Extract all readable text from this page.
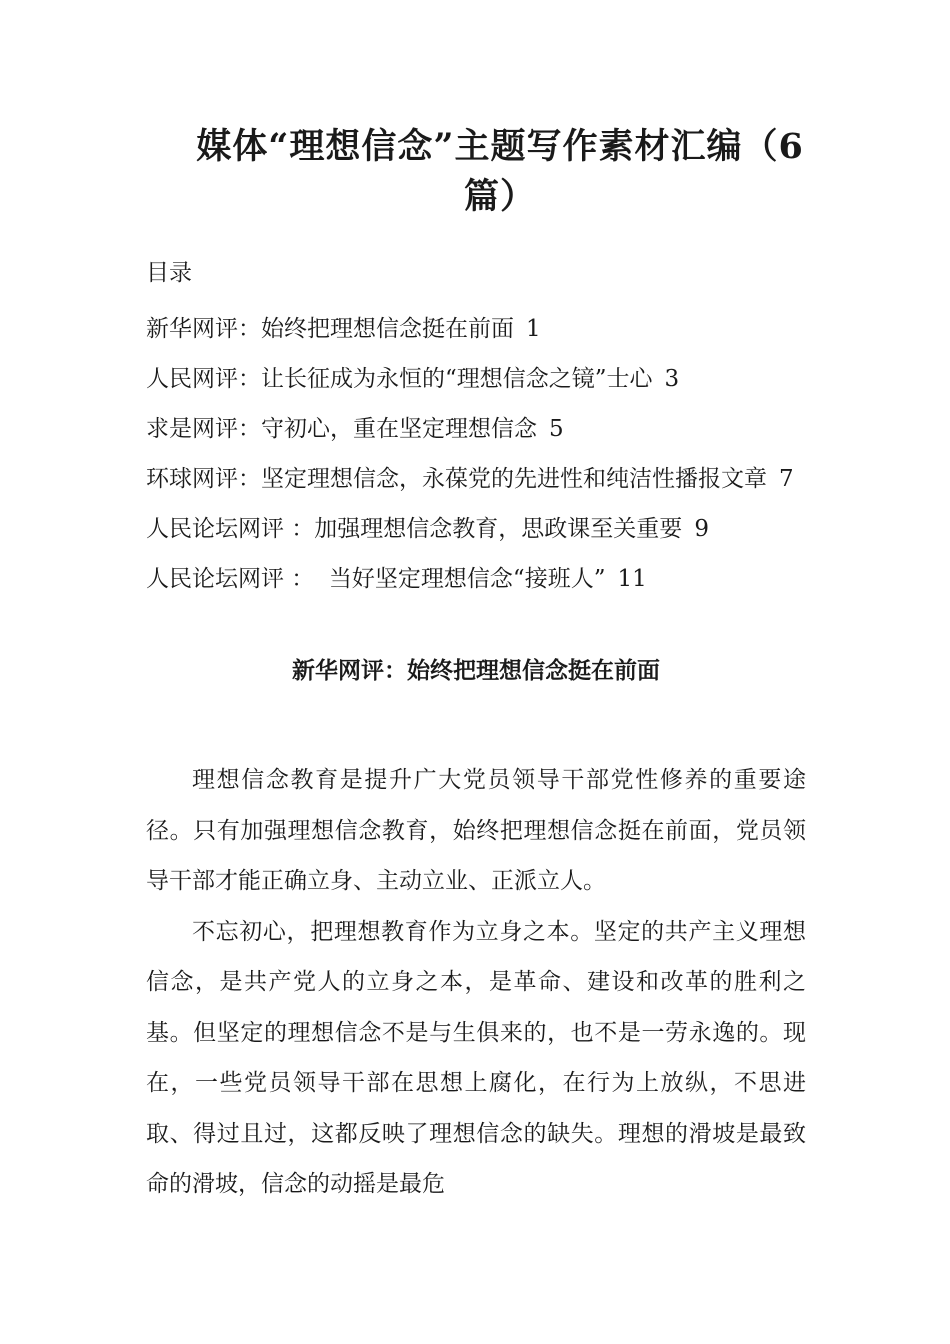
媒体“理想信念”主题写作素材汇编（6篇）
目录
新华网评：始终把理想信念挺在前面 1
人民网评：让长征成为永恒的“理想信念之镜”士心 3
求是网评：守初心，重在坚定理想信念 5
环球网评：坚定理想信念，永葆党的先进性和纯洁性播报文章 7
人民论坛网评 ：加强理想信念教育，思政课至关重要 9
人民论坛网评 ：  当好坚定理想信念“接班人” 11
新华网评：始终把理想信念挺在前面

理想信念教育是提升广大党员领导干部党性修养的重要途径。只有加强理想信念教育，始终把理想信念挺在前面，党员领导干部才能正确立身、主动立业、正派立人。

不忘初心，把理想教育作为立身之本。坚定的共产主义理想信念，是共产党人的立身之本，是革命、建设和改革的胜利之基。但坚定的理想信念不是与生俱来的，也不是一劳永逸的。现在，一些党员领导干部在思想上腐化，在行为上放纵，不思进取、得过且过，这都反映了理想信念的缺失。理想的滑坡是最致命的滑坡，信念的动摇是最危
